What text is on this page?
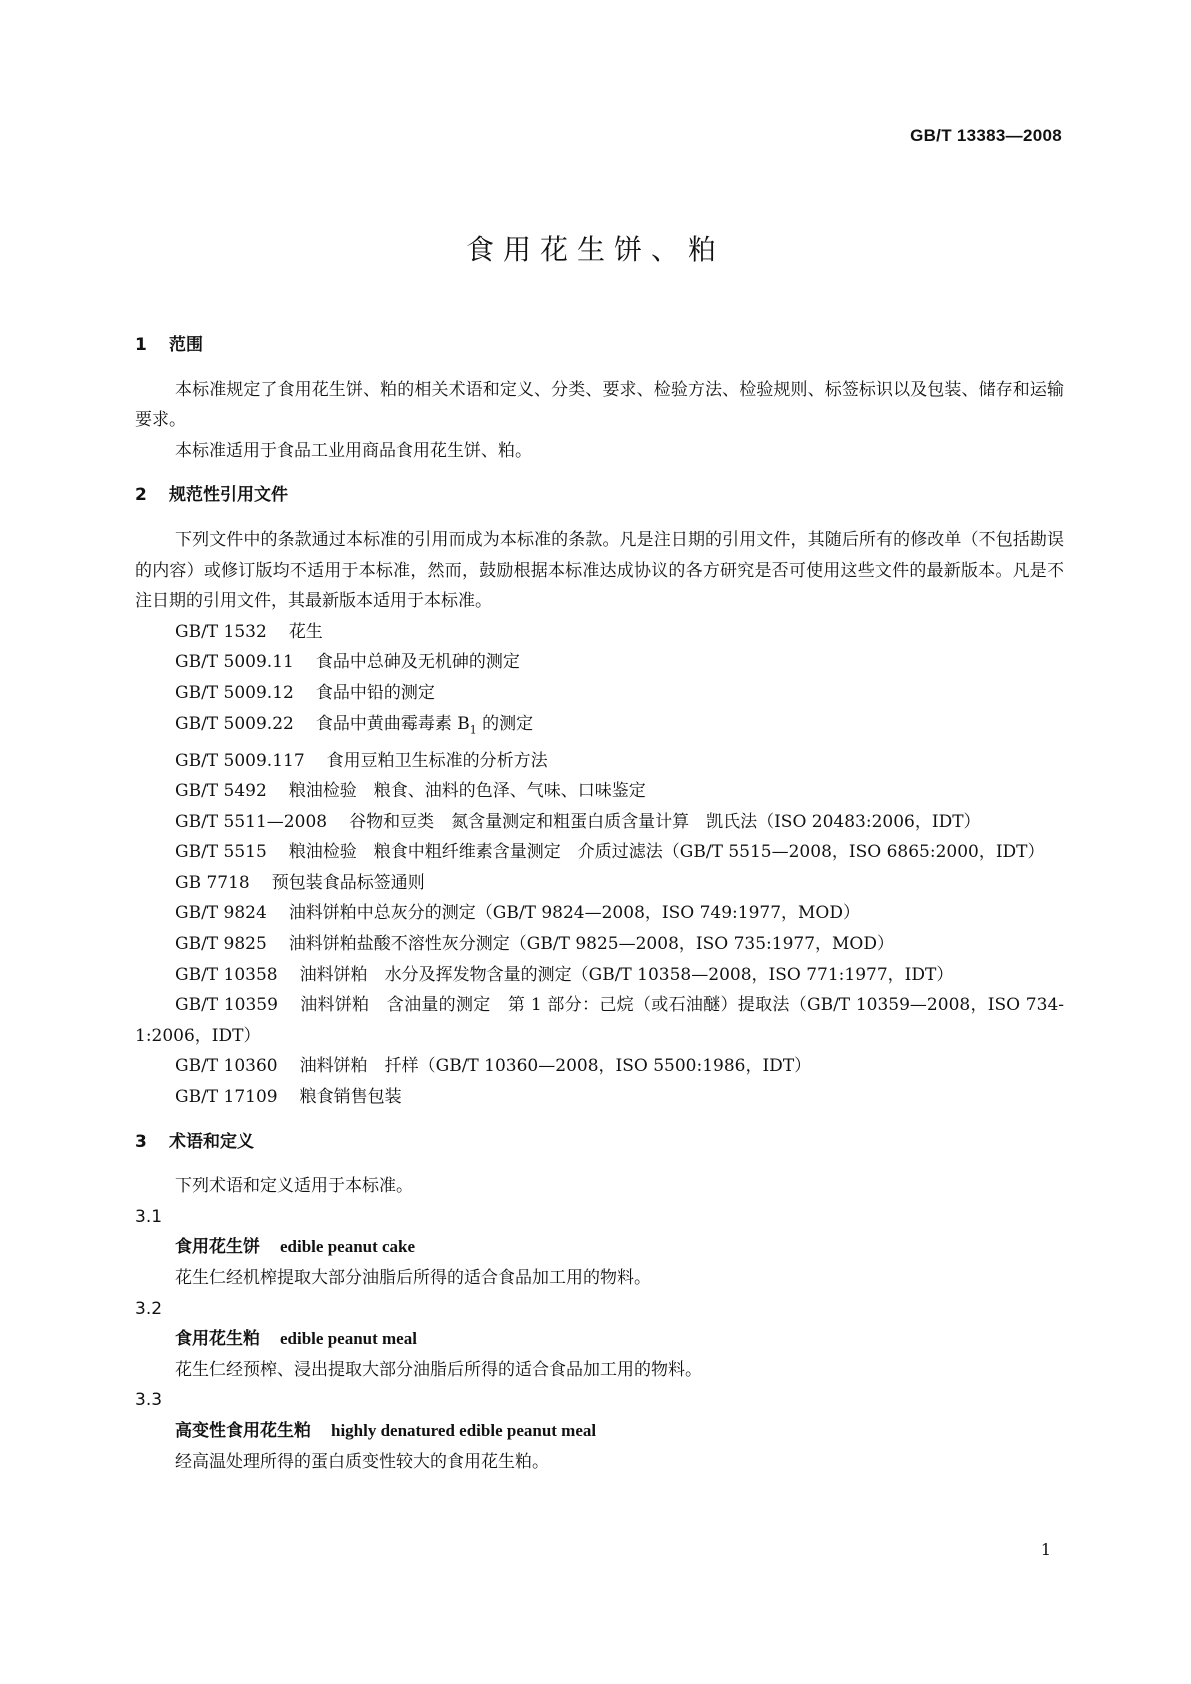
GB/T 13383—2008
食用花生饼、粕
1 范围

本标准规定了食用花生饼、粕的相关术语和定义、分类、要求、检验方法、检验规则、标签标识以及包装、储存和运输要求。

本标准适用于食品工业用商品食用花生饼、粕。

2 规范性引用文件

下列文件中的条款通过本标准的引用而成为本标准的条款。凡是注日期的引用文件，其随后所有的修改单（不包括勘误的内容）或修订版均不适用于本标准，然而，鼓励根据本标准达成协议的各方研究是否可使用这些文件的最新版本。凡是不注日期的引用文件，其最新版本适用于本标准。

GB/T 1532 花生
GB/T 5009.11 食品中总砷及无机砷的测定
GB/T 5009.12 食品中铅的测定
GB/T 5009.22 食品中黄曲霉毒素 $B_1$ 的测定
GB/T 5009.117 食用豆粕卫生标准的分析方法
GB/T 5492 粮油检验　粮食、油料的色泽、气味、口味鉴定
GB/T 5511—2008 谷物和豆类　氮含量测定和粗蛋白质含量计算　凯氏法（ISO 20483:2006，IDT）
GB/T 5515 粮油检验　粮食中粗纤维素含量测定　介质过滤法（GB/T 5515—2008，ISO 6865:2000，IDT）
GB 7718 预包装食品标签通则
GB/T 9824 油料饼粕中总灰分的测定（GB/T 9824—2008，ISO 749:1977，MOD）
GB/T 9825 油料饼粕盐酸不溶性灰分测定（GB/T 9825—2008，ISO 735:1977，MOD）
GB/T 10358 油料饼粕　水分及挥发物含量的测定（GB/T 10358—2008，ISO 771:1977，IDT）
GB/T 10359 油料饼粕　含油量的测定　第 1 部分：己烷（或石油醚）提取法（GB/T 10359—2008，ISO 734-1:2006，IDT）
GB/T 10360 油料饼粕　扦样（GB/T 10360—2008，ISO 5500:1986，IDT）
GB/T 17109 粮食销售包装
3 术语和定义

下列术语和定义适用于本标准。

3.1
食用花生饼 edible peanut cake
花生仁经机榨提取大部分油脂后所得的适合食品加工用的物料。
3.2
食用花生粕 edible peanut meal
花生仁经预榨、浸出提取大部分油脂后所得的适合食品加工用的物料。
3.3
高变性食用花生粕 highly denatured edible peanut meal
经高温处理所得的蛋白质变性较大的食用花生粕。
1
